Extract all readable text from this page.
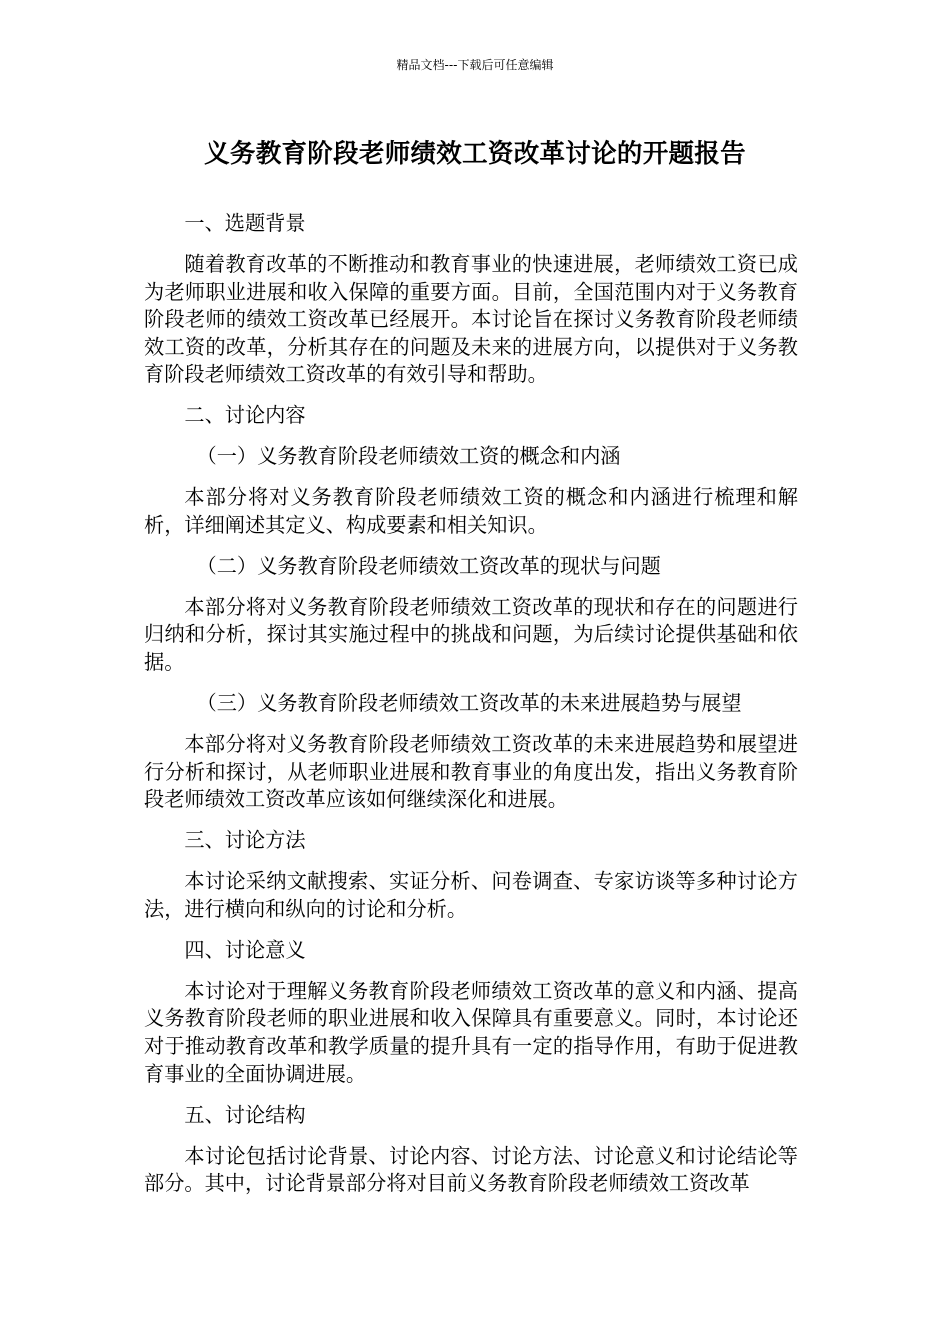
精品文档---下载后可任意编辑
义务教育阶段老师绩效工资改革讨论的开题报告

一、选题背景

随着教育改革的不断推动和教育事业的快速进展，老师绩效工资已成为老师职业进展和收入保障的重要方面。目前，全国范围内对于义务教育阶段老师的绩效工资改革已经展开。本讨论旨在探讨义务教育阶段老师绩效工资的改革，分析其存在的问题及未来的进展方向，以提供对于义务教育阶段老师绩效工资改革的有效引导和帮助。

二、讨论内容

（一）义务教育阶段老师绩效工资的概念和内涵

本部分将对义务教育阶段老师绩效工资的概念和内涵进行梳理和解析，详细阐述其定义、构成要素和相关知识。

（二）义务教育阶段老师绩效工资改革的现状与问题

本部分将对义务教育阶段老师绩效工资改革的现状和存在的问题进行归纳和分析，探讨其实施过程中的挑战和问题，为后续讨论提供基础和依据。

（三）义务教育阶段老师绩效工资改革的未来进展趋势与展望

本部分将对义务教育阶段老师绩效工资改革的未来进展趋势和展望进行分析和探讨，从老师职业进展和教育事业的角度出发，指出义务教育阶段老师绩效工资改革应该如何继续深化和进展。

三、讨论方法

本讨论采纳文献搜索、实证分析、问卷调查、专家访谈等多种讨论方法，进行横向和纵向的讨论和分析。

四、讨论意义

本讨论对于理解义务教育阶段老师绩效工资改革的意义和内涵、提高义务教育阶段老师的职业进展和收入保障具有重要意义。同时，本讨论还对于推动教育改革和教学质量的提升具有一定的指导作用，有助于促进教育事业的全面协调进展。

五、讨论结构

本讨论包括讨论背景、讨论内容、讨论方法、讨论意义和讨论结论等部分。其中，讨论背景部分将对目前义务教育阶段老师绩效工资改革
